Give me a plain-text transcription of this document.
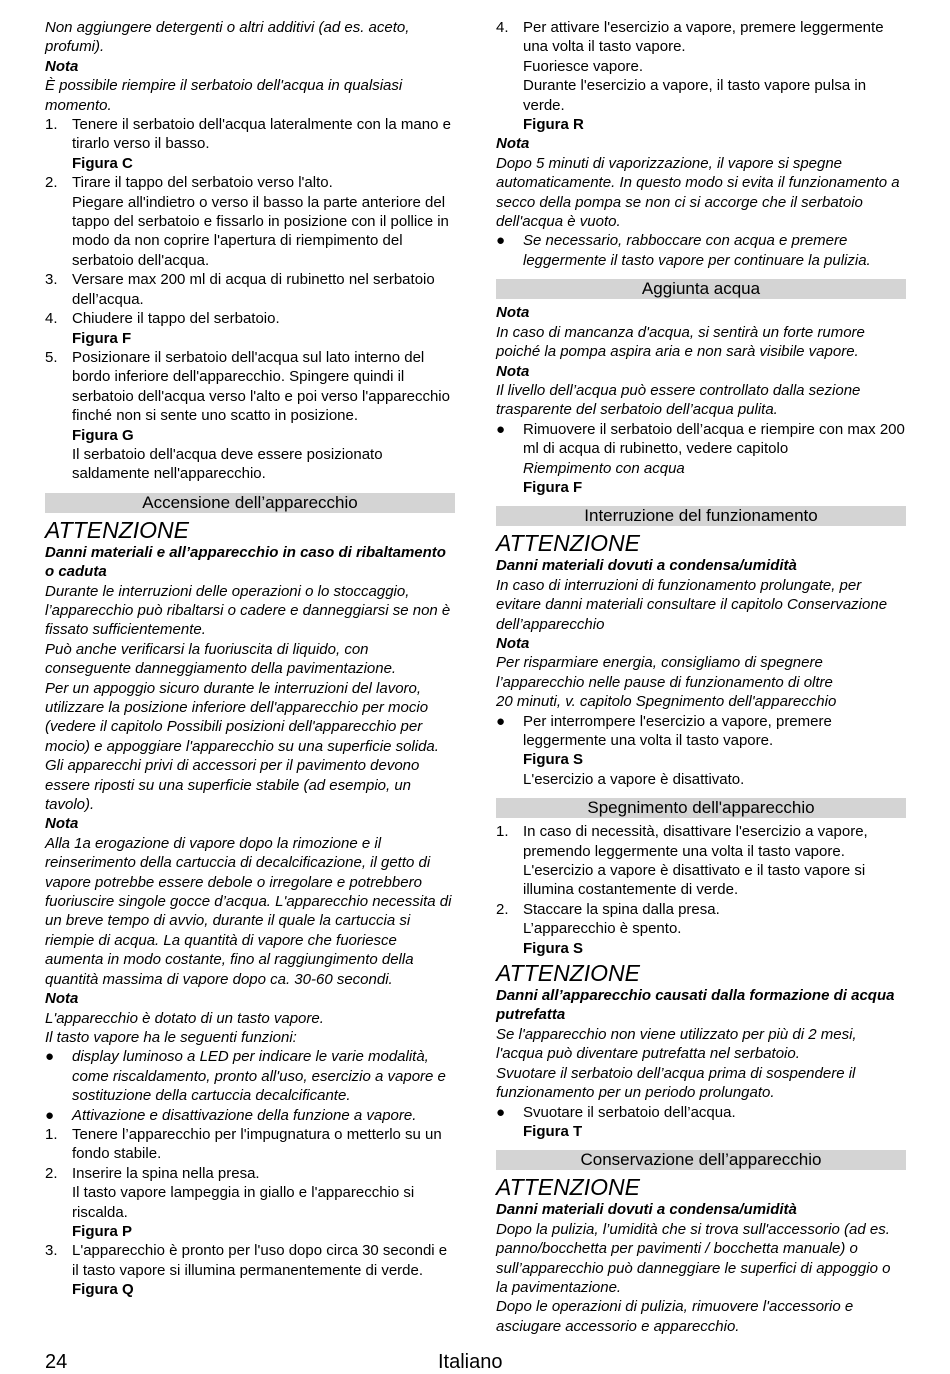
Non aggiungere detergenti o altri additivi (ad es. aceto, profumi).

Nota

È possibile riempire il serbatoio dell'acqua in qualsiasi momento.

1. Tenere il serbatoio dell'acqua lateralmente con la mano e tirarlo verso il basso.

Figura C

2. Tirare il tappo del serbatoio verso l'alto.

Piegare all'indietro o verso il basso la parte anteriore del tappo del serbatoio e fissarlo in posizione con il pollice in modo da non coprire l'apertura di riempimento del serbatoio dell'acqua.

3. Versare max 200 ml di acqua di rubinetto nel serbatoio dell’acqua.

4. Chiudere il tappo del serbatoio.

Figura F

5. Posizionare il serbatoio dell'acqua sul lato interno del bordo inferiore dell'apparecchio. Spingere quindi il serbatoio dell'acqua verso l'alto e poi verso l'apparecchio finché non si sente uno scatto in posizione.

Figura G

Il serbatoio dell'acqua deve essere posizionato saldamente nell'apparecchio.

Accensione dell’apparecchio

ATTENZIONE

Danni materiali e all’apparecchio in caso di ribaltamento o caduta

Durante le interruzioni delle operazioni o lo stoccaggio, l’apparecchio può ribaltarsi o cadere e danneggiarsi se non è fissato sufficientemente.

Può anche verificarsi la fuoriuscita di liquido, con conseguente danneggiamento della pavimentazione.

Per un appoggio sicuro durante le interruzioni del lavoro, utilizzare la posizione inferiore dell'apparecchio per mocio (vedere il capitolo Possibili posizioni dell'apparecchio per mocio) e appoggiare l'apparecchio su una superficie solida. Gli apparecchi privi di accessori per il pavimento devono essere riposti su una superficie stabile (ad esempio, un tavolo).

Nota

Alla 1a erogazione di vapore dopo la rimozione e il reinserimento della cartuccia di decalcificazione, il getto di vapore potrebbe essere debole o irregolare e potrebbero fuoriuscire singole gocce d’acqua. L'apparecchio necessita di un breve tempo di avvio, durante il quale la cartuccia si riempie di acqua. La quantità di vapore che fuoriesce aumenta in modo costante, fino al raggiungimento della quantità massima di vapore dopo ca. 30-60 secondi.

Nota

L'apparecchio è dotato di un tasto vapore.

Il tasto vapore ha le seguenti funzioni:

●	display luminoso a LED per indicare le varie modalità, come riscaldamento, pronto all'uso, esercizio a vapore e sostituzione della cartuccia decalcificante.
●	Attivazione e disattivazione della funzione a vapore.
1. Tenere l’apparecchio per l'impugnatura o metterlo su un fondo stabile.

2. Inserire la spina nella presa.

Il tasto vapore lampeggia in giallo e l'apparecchio si riscalda.

Figura P

3. L'apparecchio è pronto per l'uso dopo circa 30 secondi e il tasto vapore si illumina permanentemente di verde.

Figura Q

4. Per attivare l'esercizio a vapore, premere leggermente una volta il tasto vapore.

Fuoriesce vapore.

Durante l'esercizio a vapore, il tasto vapore pulsa in verde.

Figura R

Nota

Dopo 5 minuti di vaporizzazione, il vapore si spegne automaticamente. In questo modo si evita il funzionamento a secco della pompa se non ci si accorge che il serbatoio dell'acqua è vuoto.

●	Se necessario, rabboccare con acqua e premere leggermente il tasto vapore per continuare la pulizia.
Aggiunta acqua

Nota

In caso di mancanza d'acqua, si sentirà un forte rumore poiché la pompa aspira aria e non sarà visibile vapore.

Nota

Il livello dell’acqua può essere controllato dalla sezione trasparente del serbatoio dell’acqua pulita.

●	Rimuovere il serbatoio dell’acqua e riempire con max 200 ml di acqua di rubinetto, vedere capitolo

Riempimento con acqua

Figura F

Interruzione del funzionamento

ATTENZIONE

Danni materiali dovuti a condensa/umidità

In caso di interruzioni di funzionamento prolungate, per evitare danni materiali consultare il capitolo Conservazione dell’apparecchio

Nota

Per risparmiare energia, consigliamo di spegnere l’apparecchio nelle pause di funzionamento di oltre

20 minuti, v. capitolo Spegnimento dell'apparecchio

●	Per interrompere l'esercizio a vapore, premere leggermente una volta il tasto vapore.

Figura S

L'esercizio a vapore è disattivato.

Spegnimento dell'apparecchio
1. In caso di necessità, disattivare l'esercizio a vapore, premendo leggermente una volta il tasto vapore.

L'esercizio a vapore è disattivato e il tasto vapore si illumina costantemente di verde.

2. Staccare la spina dalla presa.

L’apparecchio è spento.

Figura S

ATTENZIONE

Danni all’apparecchio causati dalla formazione di acqua putrefatta

Se l'apparecchio non viene utilizzato per più di 2 mesi, l'acqua può diventare putrefatta nel serbatoio.

Svuotare il serbatoio dell’acqua prima di sospendere il funzionamento per un periodo prolungato.

●	Svuotare il serbatoio dell’acqua.

Figura T

Conservazione dell’apparecchio

ATTENZIONE

Danni materiali dovuti a condensa/umidità

Dopo la pulizia, l’umidità che si trova sull'accessorio (ad es. panno/bocchetta per pavimenti / bocchetta manuale) o sull’apparecchio può danneggiare le superfici di appoggio o la pavimentazione.

Dopo le operazioni di pulizia, rimuovere l'accessorio e asciugare accessorio e apparecchio.

24	Italiano
